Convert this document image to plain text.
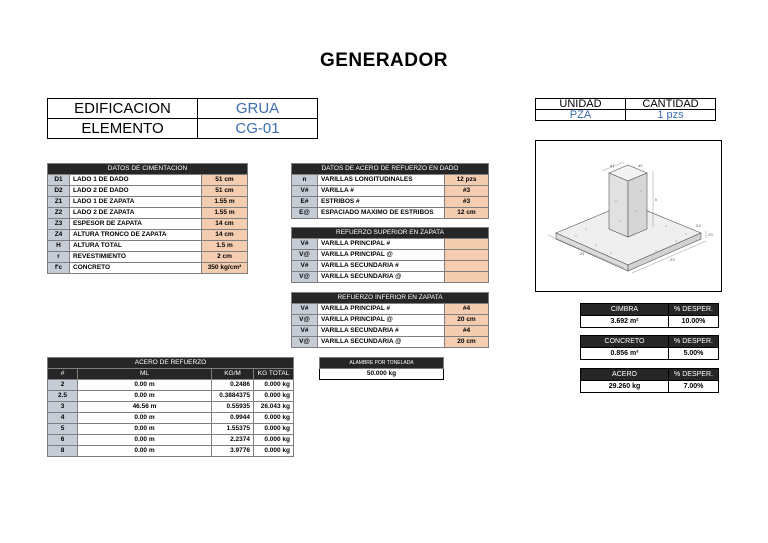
GENERADOR
EDIFICACION	GRUA
ELEMENTO	CG-01
UNIDAD	CANTIDAD
PZA	1 pzs
DATOS DE CIMENTACION		
D1	LADO 1 DE DADO	51 cm
D2	LADO 2 DE DADO	51 cm
Z1	LADO 1 DE ZAPATA	1.55 m
Z2	LADO 2 DE ZAPATA	1.55 m
Z3	ESPESOR DE ZAPATA	14 cm
Z4	ALTURA TRONCO DE ZAPATA	14 cm
H	ALTURA TOTAL	1.5 m
r	REVESTIMIENTO	2 cm
f'c	CONCRETO	350 kg/cm²
DATOS DE ACERO DE REFUERZO EN DADO		
n	VARILLAS LONGITUDINALES	12 pzs
V#	VARILLA #	#3
E#	ESTRIBOS #	#3
E@	ESPACIADO MAXIMO DE ESTRIBOS	12 cm
REFUERZO SUPERIOR EN ZAPATA		
V#	VARILLA PRINCIPAL #	
V@	VARILLA PRINCIPAL @	
V#	VARILLA SECUNDARIA #	
V@	VARILLA SECUNDARIA @	
REFUERZO INFERIOR EN ZAPATA		
V#	VARILLA PRINCIPAL #	#4
V@	VARILLA PRINCIPAL @	20 cm
V#	VARILLA SECUNDARIA #	#4
V@	VARILLA SECUNDARIA @	20 cm
ACERO DE REFUERZO			
#	ML	KG/M	KG TOTAL
2	0.00 m	0.2486	0.000 kg
2.5	0.00 m	0.3884375	0.000 kg
3	46.56 m	0.55935	26.043 kg
4	0.00 m	0.9944	0.000 kg
5	0.00 m	1.55375	0.000 kg
6	0.00 m	2.2374	0.000 kg
8	0.00 m	3.9776	0.000 kg
ALAMBRE POR TONELADA
50.000 kg
h
Z3
Z4
d1	d2
Z1
Z2
CIMBRA	% DESPER.
3.692 m²	10.00%
CONCRETO	% DESPER.
0.856 m³	5.00%
ACERO	% DESPER.
29.260 kg	7.00%
